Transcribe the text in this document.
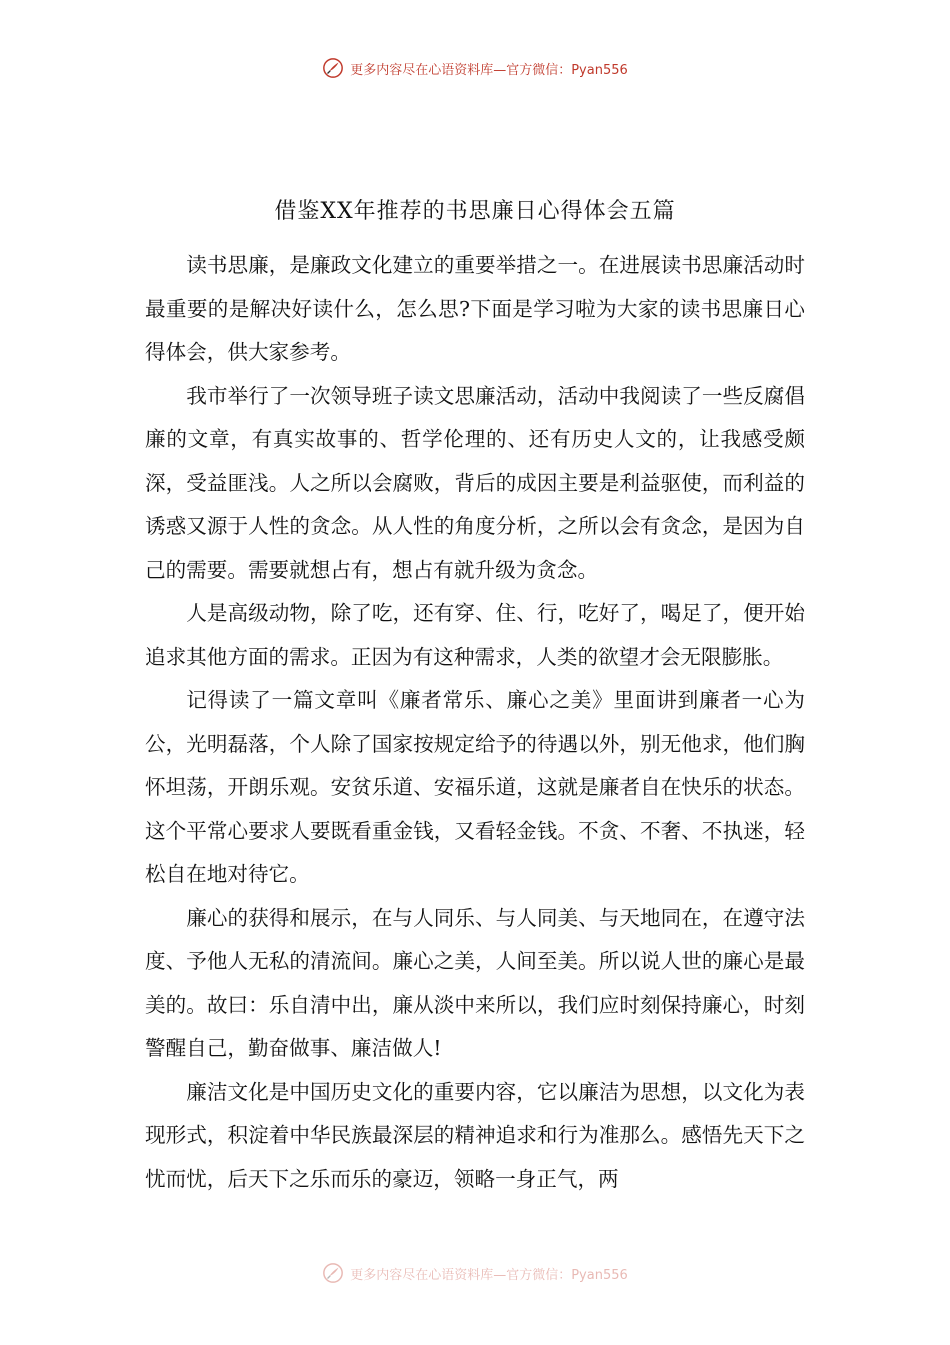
更多内容尽在心语资料库—官方微信：Pyan556
借鉴XX年推荐的书思廉日心得体会五篇

读书思廉，是廉政文化建立的重要举措之一。在进展读书思廉活动时最重要的是解决好读什么，怎么思?下面是学习啦为大家的读书思廉日心得体会，供大家参考。

我市举行了一次领导班子读文思廉活动，活动中我阅读了一些反腐倡廉的文章，有真实故事的、哲学伦理的、还有历史人文的，让我感受颇深，受益匪浅。人之所以会腐败，背后的成因主要是利益驱使，而利益的诱惑又源于人性的贪念。从人性的角度分析，之所以会有贪念，是因为自己的需要。需要就想占有，想占有就升级为贪念。

人是高级动物，除了吃，还有穿、住、行，吃好了，喝足了，便开始追求其他方面的需求。正因为有这种需求，人类的欲望才会无限膨胀。

记得读了一篇文章叫《廉者常乐、廉心之美》里面讲到廉者一心为公，光明磊落，个人除了国家按规定给予的待遇以外，别无他求，他们胸怀坦荡，开朗乐观。安贫乐道、安福乐道，这就是廉者自在快乐的状态。这个平常心要求人要既看重金钱，又看轻金钱。不贪、不奢、不执迷，轻松自在地对待它。

廉心的获得和展示，在与人同乐、与人同美、与天地同在，在遵守法度、予他人无私的清流间。廉心之美，人间至美。所以说人世的廉心是最美的。故曰：乐自清中出，廉从淡中来所以，我们应时刻保持廉心，时刻警醒自己，勤奋做事、廉洁做人!

廉洁文化是中国历史文化的重要内容，它以廉洁为思想，以文化为表现形式，积淀着中华民族最深层的精神追求和行为准那么。感悟先天下之忧而忧，后天下之乐而乐的豪迈，领略一身正气，两

更多内容尽在心语资料库—官方微信：Pyan556
